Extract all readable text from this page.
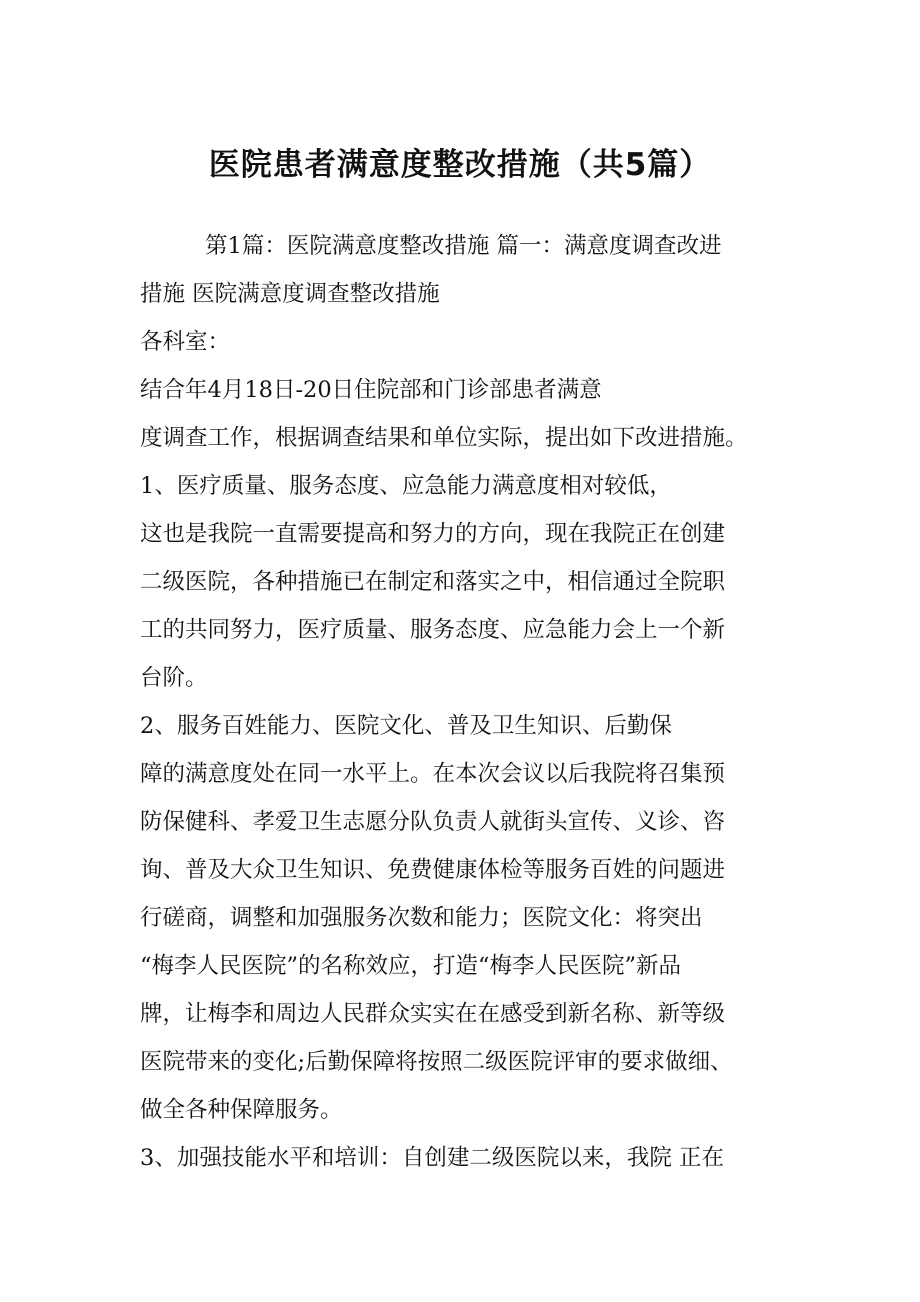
医院患者满意度整改措施（共5篇）
第1篇：医院满意度整改措施 篇一：满意度调查改进
措施 医院满意度调查整改措施
各科室：
结合年4月18日-20日住院部和门诊部患者满意
度调查工作，根据调查结果和单位实际，提出如下改进措施。
1、医疗质量、服务态度、应急能力满意度相对较低，
这也是我院一直需要提高和努力的方向，现在我院正在创建
二级医院，各种措施已在制定和落实之中，相信通过全院职
工的共同努力，医疗质量、服务态度、应急能力会上一个新
台阶。
2、服务百姓能力、医院文化、普及卫生知识、后勤保
障的满意度处在同一水平上。在本次会议以后我院将召集预
防保健科、孝爱卫生志愿分队负责人就街头宣传、义诊、咨
询、普及大众卫生知识、免费健康体检等服务百姓的问题进
行磋商，调整和加强服务次数和能力；医院文化：将突出
“梅李人民医院”的名称效应，打造“梅李人民医院”新品
牌，让梅李和周边人民群众实实在在感受到新名称、新等级
医院带来的变化;后勤保障将按照二级医院评审的要求做细、
做全各种保障服务。
3、加强技能水平和培训：自创建二级医院以来，我院 正在
